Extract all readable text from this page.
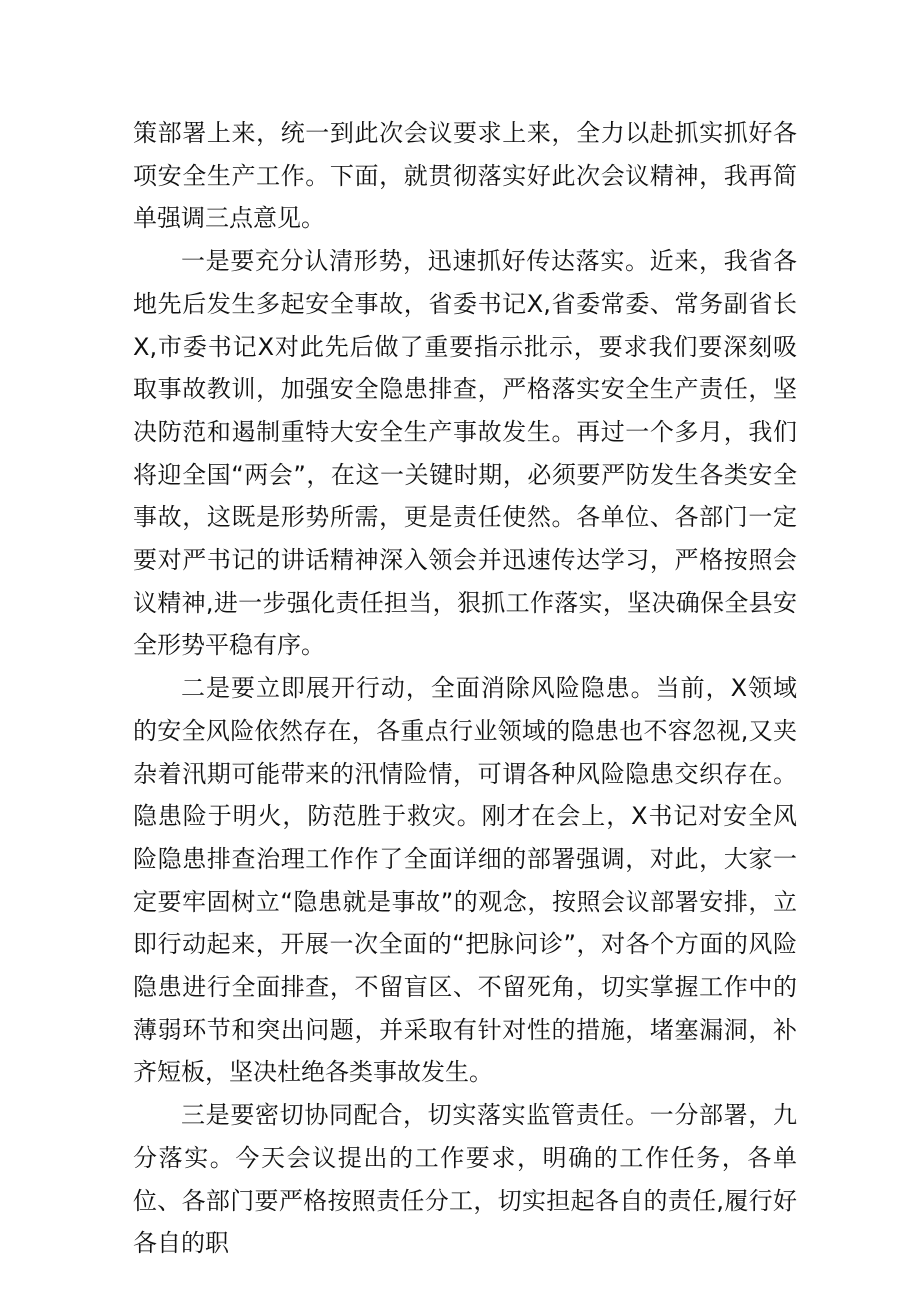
策部署上来，统一到此次会议要求上来，全力以赴抓实抓好各项安全生产工作。下面，就贯彻落实好此次会议精神，我再简单强调三点意见。

一是要充分认清形势，迅速抓好传达落实。近来，我省各地先后发生多起安全事故，省委书记X,省委常委、常务副省长X,市委书记X对此先后做了重要指示批示，要求我们要深刻吸取事故教训，加强安全隐患排查，严格落实安全生产责任，坚决防范和遏制重特大安全生产事故发生。再过一个多月，我们将迎全国“两会”，在这一关键时期，必须要严防发生各类安全事故，这既是形势所需，更是责任使然。各单位、各部门一定要对严书记的讲话精神深入领会并迅速传达学习，严格按照会议精神,进一步强化责任担当，狠抓工作落实，坚决确保全县安全形势平稳有序。

二是要立即展开行动，全面消除风险隐患。当前，X领域的安全风险依然存在，各重点行业领域的隐患也不容忽视,又夹杂着汛期可能带来的汛情险情，可谓各种风险隐患交织存在。隐患险于明火，防范胜于救灾。刚才在会上，X书记对安全风险隐患排查治理工作作了全面详细的部署强调，对此，大家一定要牢固树立“隐患就是事故”的观念，按照会议部署安排，立即行动起来，开展一次全面的“把脉问诊”，对各个方面的风险隐患进行全面排查，不留盲区、不留死角，切实掌握工作中的薄弱环节和突出问题，并采取有针对性的措施，堵塞漏洞，补齐短板，坚决杜绝各类事故发生。

三是要密切协同配合，切实落实监管责任。一分部署，九分落实。今天会议提出的工作要求，明确的工作任务，各单位、各部门要严格按照责任分工，切实担起各自的责任,履行好各自的职
